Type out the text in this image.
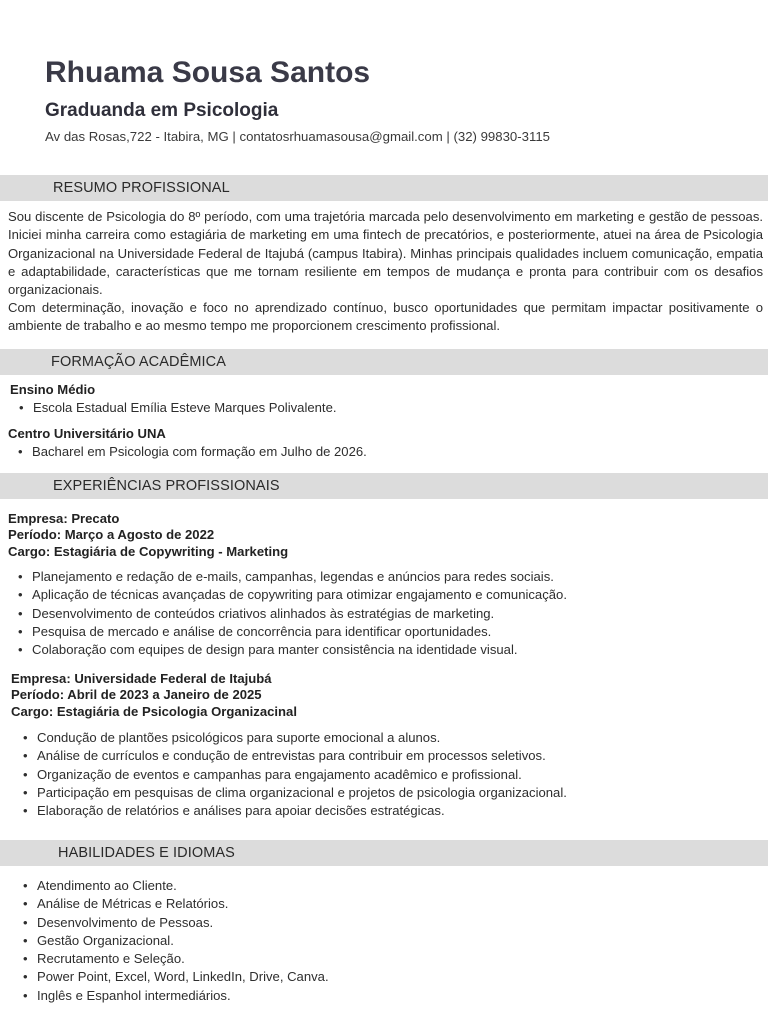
Rhuama Sousa Santos
Graduanda em Psicologia
Av das Rosas,722 - Itabira, MG | contatosrhuamasousa@gmail.com | (32) 99830-3115
RESUMO PROFISSIONAL

Sou discente de Psicologia do 8º período, com uma trajetória marcada pelo desenvolvimento em marketing e gestão de pessoas. Iniciei minha carreira como estagiária de marketing em uma fintech de precatórios, e posteriormente, atuei na área de Psicologia Organizacional na Universidade Federal de Itajubá (campus Itabira). Minhas principais qualidades incluem comunicação, empatia e adaptabilidade, características que me tornam resiliente em tempos de mudança e pronta para contribuir com os desafios organizacionais.

Com determinação, inovação e foco no aprendizado contínuo, busco oportunidades que permitam impactar positivamente o ambiente de trabalho e ao mesmo tempo me proporcionem crescimento profissional.

FORMAÇÃO ACADÊMICA
Ensino Médio
• Escola Estadual Emília Esteve Marques Polivalente.
Centro Universitário UNA
• Bacharel em Psicologia com formação em Julho de 2026.
EXPERIÊNCIAS PROFISSIONAIS
Empresa: Precato
Período: Março a Agosto de 2022
Cargo: Estagiária de Copywriting - Marketing
• Planejamento e redação de e-mails, campanhas, legendas e anúncios para redes sociais.
• Aplicação de técnicas avançadas de copywriting para otimizar engajamento e comunicação.
• Desenvolvimento de conteúdos criativos alinhados às estratégias de marketing.
• Pesquisa de mercado e análise de concorrência para identificar oportunidades.
• Colaboração com equipes de design para manter consistência na identidade visual.
Empresa: Universidade Federal de Itajubá
Período: Abril de 2023 a Janeiro de 2025
Cargo: Estagiária de Psicologia Organizacinal
• Condução de plantões psicológicos para suporte emocional a alunos.
• Análise de currículos e condução de entrevistas para contribuir em processos seletivos.
• Organização de eventos e campanhas para engajamento acadêmico e profissional.
• Participação em pesquisas de clima organizacional e projetos de psicologia organizacional.
• Elaboração de relatórios e análises para apoiar decisões estratégicas.
HABILIDADES E IDIOMAS
• Atendimento ao Cliente.
• Análise de Métricas e Relatórios.
• Desenvolvimento de Pessoas.
• Gestão Organizacional.
• Recrutamento e Seleção.
• Power Point, Excel, Word, LinkedIn, Drive, Canva.
• Inglês e Espanhol intermediários.
